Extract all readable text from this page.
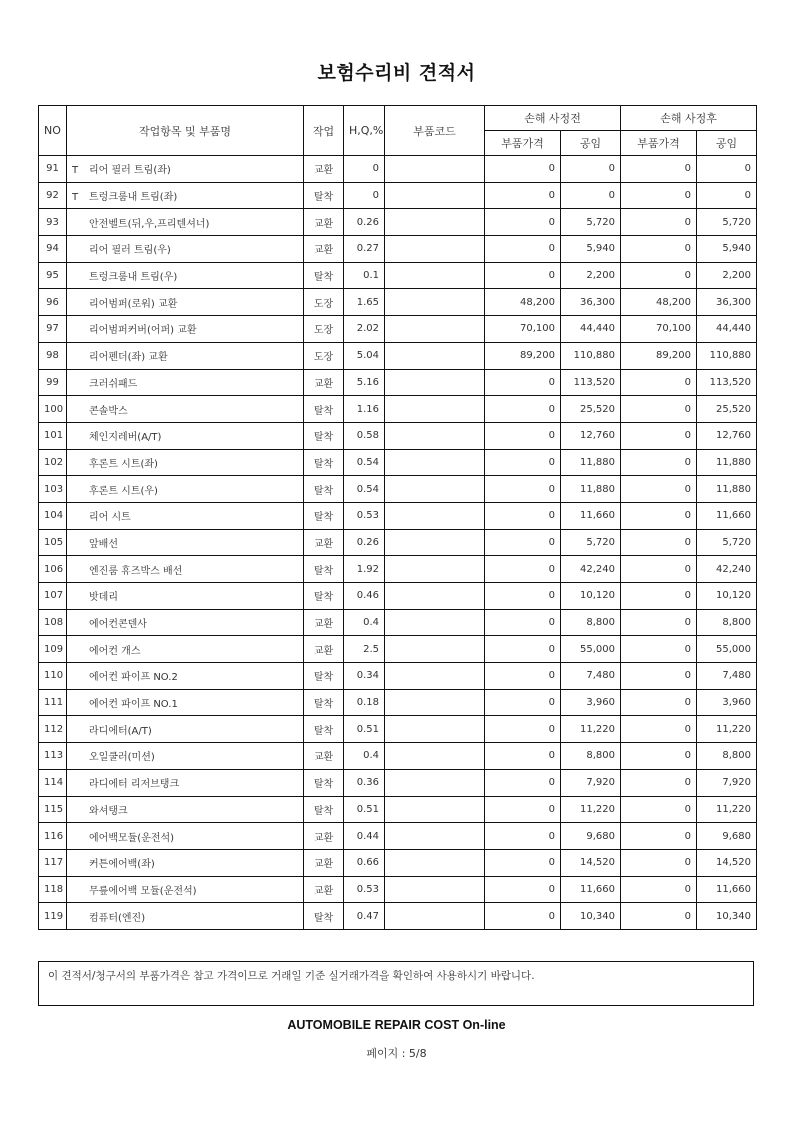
보험수리비 견적서
NO	작업항목 및 부품명	작업	H,Q,%	부품코드	손해 사정전		손해 사정후	
					부품가격	공임	부품가격	공임
91	T 리어 필러 트림(좌)	교환	0		0	0	0	0
92	T 트렁크룸내 트림(좌)	탈착	0		0	0	0	0
93	안전벨트(뒤,우,프리텐셔너)	교환	0.26		0	5,720	0	5,720
94	리어 필러 트림(우)	교환	0.27		0	5,940	0	5,940
95	트렁크룸내 트림(우)	탈착	0.1		0	2,200	0	2,200
96	리어범퍼(로워) 교환	도장	1.65		48,200	36,300	48,200	36,300
97	리어범퍼커버(어퍼) 교환	도장	2.02		70,100	44,440	70,100	44,440
98	리어펜더(좌) 교환	도장	5.04		89,200	110,880	89,200	110,880
99	크러쉬패드	교환	5.16		0	113,520	0	113,520
100	콘솔박스	탈착	1.16		0	25,520	0	25,520
101	체인지레버(A/T)	탈착	0.58		0	12,760	0	12,760
102	후론트 시트(좌)	탈착	0.54		0	11,880	0	11,880
103	후론트 시트(우)	탈착	0.54		0	11,880	0	11,880
104	리어 시트	탈착	0.53		0	11,660	0	11,660
105	앞배선	교환	0.26		0	5,720	0	5,720
106	엔진룸 휴즈박스 배선	탈착	1.92		0	42,240	0	42,240
107	밧데리	탈착	0.46		0	10,120	0	10,120
108	에어컨콘덴사	교환	0.4		0	8,800	0	8,800
109	에어컨 개스	교환	2.5		0	55,000	0	55,000
110	에어컨 파이프 NO.2	탈착	0.34		0	7,480	0	7,480
111	에어컨 파이프 NO.1	탈착	0.18		0	3,960	0	3,960
112	라디에터(A/T)	탈착	0.51		0	11,220	0	11,220
113	오일쿨러(미션)	교환	0.4		0	8,800	0	8,800
114	라디에터 리저브탱크	탈착	0.36		0	7,920	0	7,920
115	와셔탱크	탈착	0.51		0	11,220	0	11,220
116	에어백모듈(운전석)	교환	0.44		0	9,680	0	9,680
117	커튼에어백(좌)	교환	0.66		0	14,520	0	14,520
118	무릎에어백 모듈(운전석)	교환	0.53		0	11,660	0	11,660
119	컴퓨터(엔진)	탈착	0.47		0	10,340	0	10,340
이 견적서/청구서의 부품가격은 참고 가격이므로 거래일 기준 실거래가격을 확인하여 사용하시기 바랍니다.
AUTOMOBILE REPAIR COST On-line
페이지 : 5/8
